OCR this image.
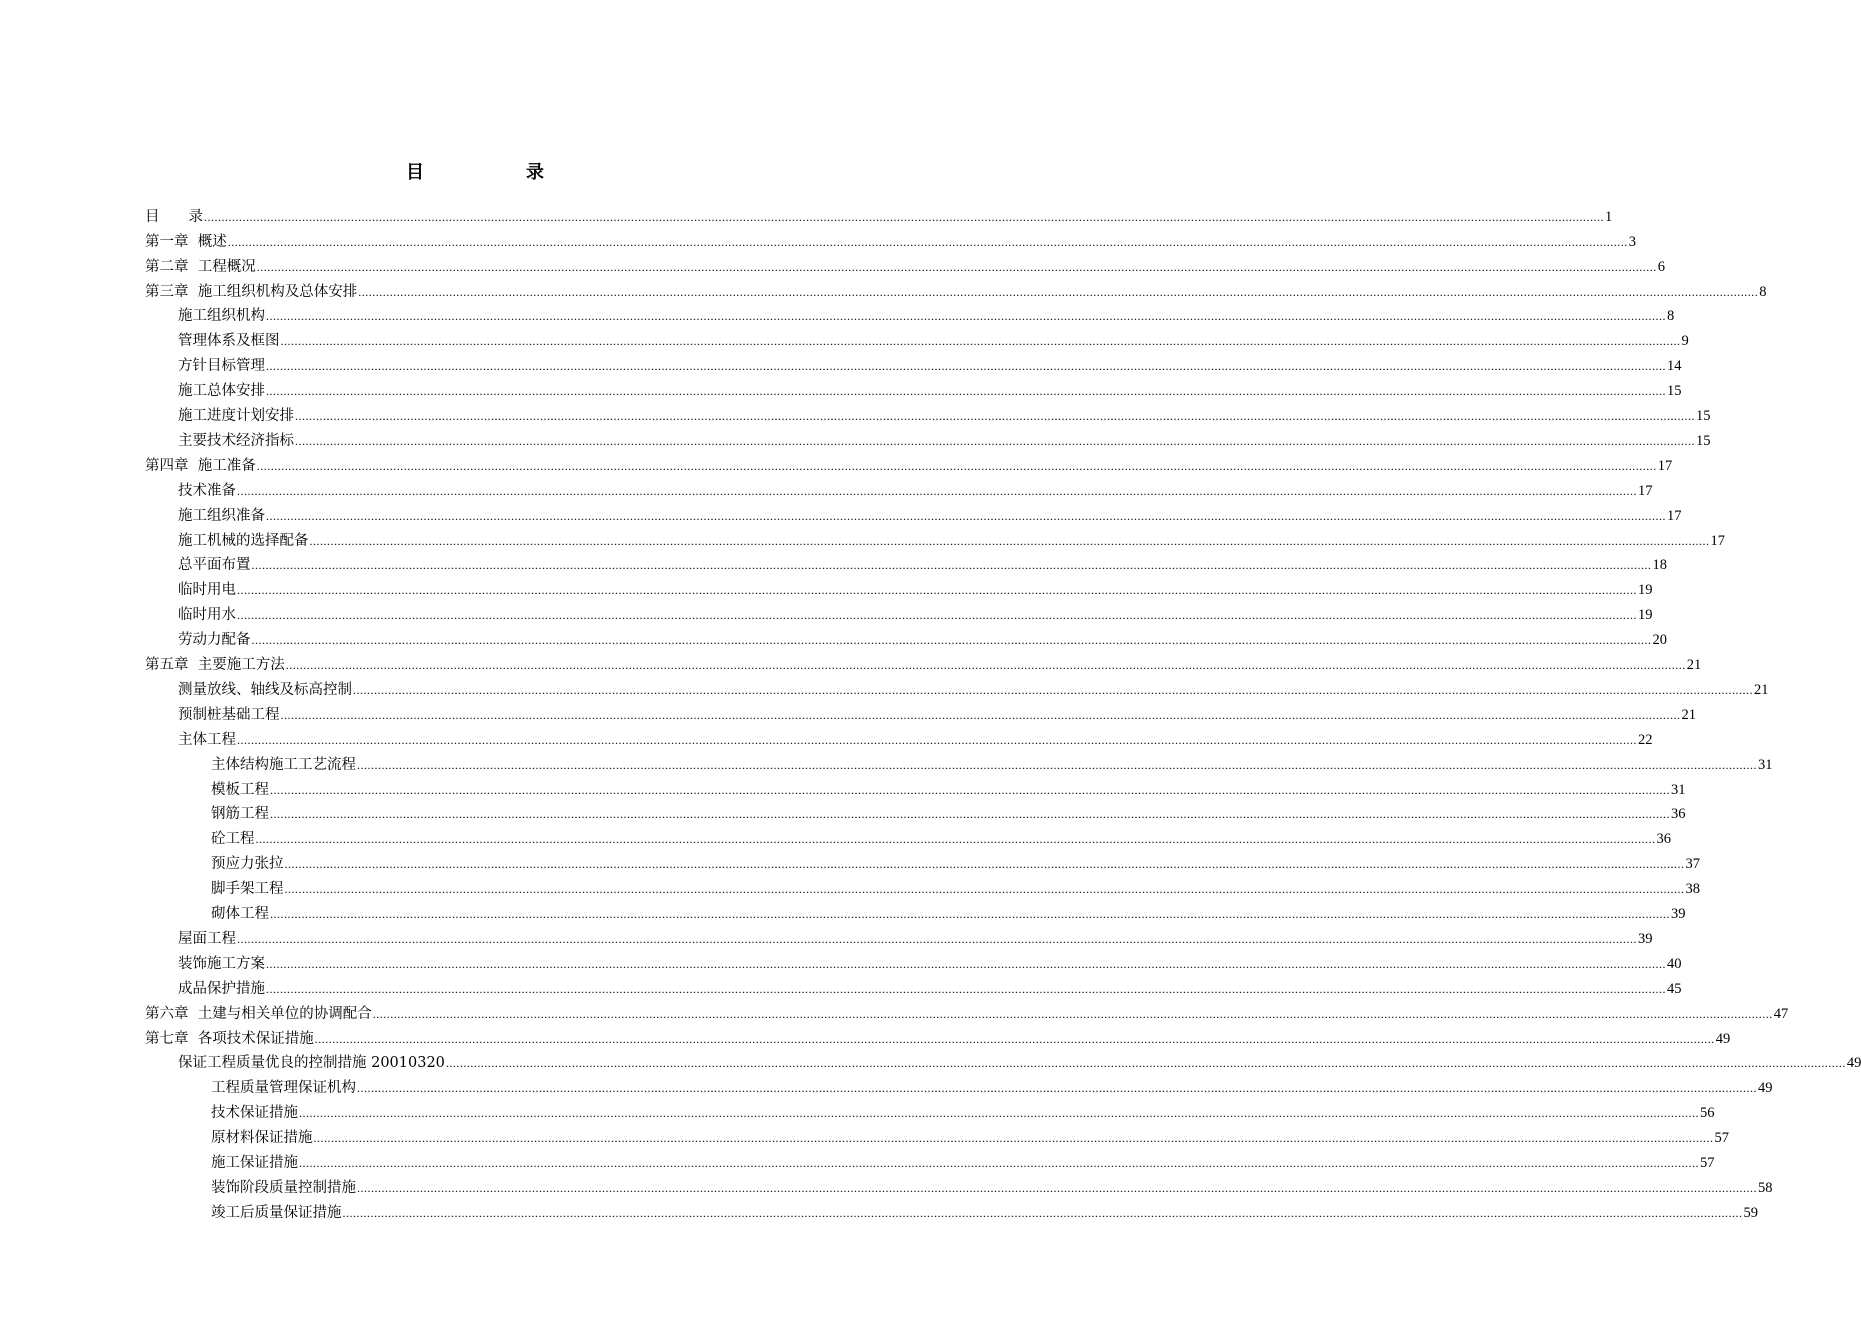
目　录
目　　录 ................................................................................................................................................................................................................................................................................................................................................................................................................ 1
第一章  概述 ................................................................................................................................................................................................................................................................................................................................................................................................................ 3
第二章  工程概况 ................................................................................................................................................................................................................................................................................................................................................................................................................ 6
第三章  施工组织机构及总体安排 ................................................................................................................................................................................................................................................................................................................................................................................................................ 8
施工组织机构 ................................................................................................................................................................................................................................................................................................................................................................................................................ 8
管理体系及框图 ................................................................................................................................................................................................................................................................................................................................................................................................................ 9
方针目标管理 ................................................................................................................................................................................................................................................................................................................................................................................................................ 14
施工总体安排 ................................................................................................................................................................................................................................................................................................................................................................................................................ 15
施工进度计划安排 ................................................................................................................................................................................................................................................................................................................................................................................................................ 15
主要技术经济指标 ................................................................................................................................................................................................................................................................................................................................................................................................................ 15
第四章  施工准备 ................................................................................................................................................................................................................................................................................................................................................................................................................ 17
技术准备 ................................................................................................................................................................................................................................................................................................................................................................................................................ 17
施工组织准备 ................................................................................................................................................................................................................................................................................................................................................................................................................ 17
施工机械的选择配备 ................................................................................................................................................................................................................................................................................................................................................................................................................ 17
总平面布置 ................................................................................................................................................................................................................................................................................................................................................................................................................ 18
临时用电 ................................................................................................................................................................................................................................................................................................................................................................................................................ 19
临时用水 ................................................................................................................................................................................................................................................................................................................................................................................................................ 19
劳动力配备 ................................................................................................................................................................................................................................................................................................................................................................................................................ 20
第五章  主要施工方法 ................................................................................................................................................................................................................................................................................................................................................................................................................ 21
测量放线、轴线及标高控制 ................................................................................................................................................................................................................................................................................................................................................................................................................ 21
预制桩基础工程 ................................................................................................................................................................................................................................................................................................................................................................................................................ 21
主体工程 ................................................................................................................................................................................................................................................................................................................................................................................................................ 22
主体结构施工工艺流程 ................................................................................................................................................................................................................................................................................................................................................................................................................ 31
模板工程 ................................................................................................................................................................................................................................................................................................................................................................................................................ 31
钢筋工程 ................................................................................................................................................................................................................................................................................................................................................................................................................ 36
砼工程 ................................................................................................................................................................................................................................................................................................................................................................................................................ 36
预应力张拉 ................................................................................................................................................................................................................................................................................................................................................................................................................ 37
脚手架工程 ................................................................................................................................................................................................................................................................................................................................................................................................................ 38
砌体工程 ................................................................................................................................................................................................................................................................................................................................................................................................................ 39
屋面工程 ................................................................................................................................................................................................................................................................................................................................................................................................................ 39
装饰施工方案 ................................................................................................................................................................................................................................................................................................................................................................................................................ 40
成品保护措施 ................................................................................................................................................................................................................................................................................................................................................................................................................ 45
第六章  土建与相关单位的协调配合 ................................................................................................................................................................................................................................................................................................................................................................................................................ 47
第七章  各项技术保证措施 ................................................................................................................................................................................................................................................................................................................................................................................................................ 49
保证工程质量优良的控制措施 20010320 ................................................................................................................................................................................................................................................................................................................................................................................................................ 49
工程质量管理保证机构 ................................................................................................................................................................................................................................................................................................................................................................................................................ 49
技术保证措施 ................................................................................................................................................................................................................................................................................................................................................................................................................ 56
原材料保证措施 ................................................................................................................................................................................................................................................................................................................................................................................................................ 57
施工保证措施 ................................................................................................................................................................................................................................................................................................................................................................................................................ 57
装饰阶段质量控制措施 ................................................................................................................................................................................................................................................................................................................................................................................................................ 58
竣工后质量保证措施 ................................................................................................................................................................................................................................................................................................................................................................................................................ 59
